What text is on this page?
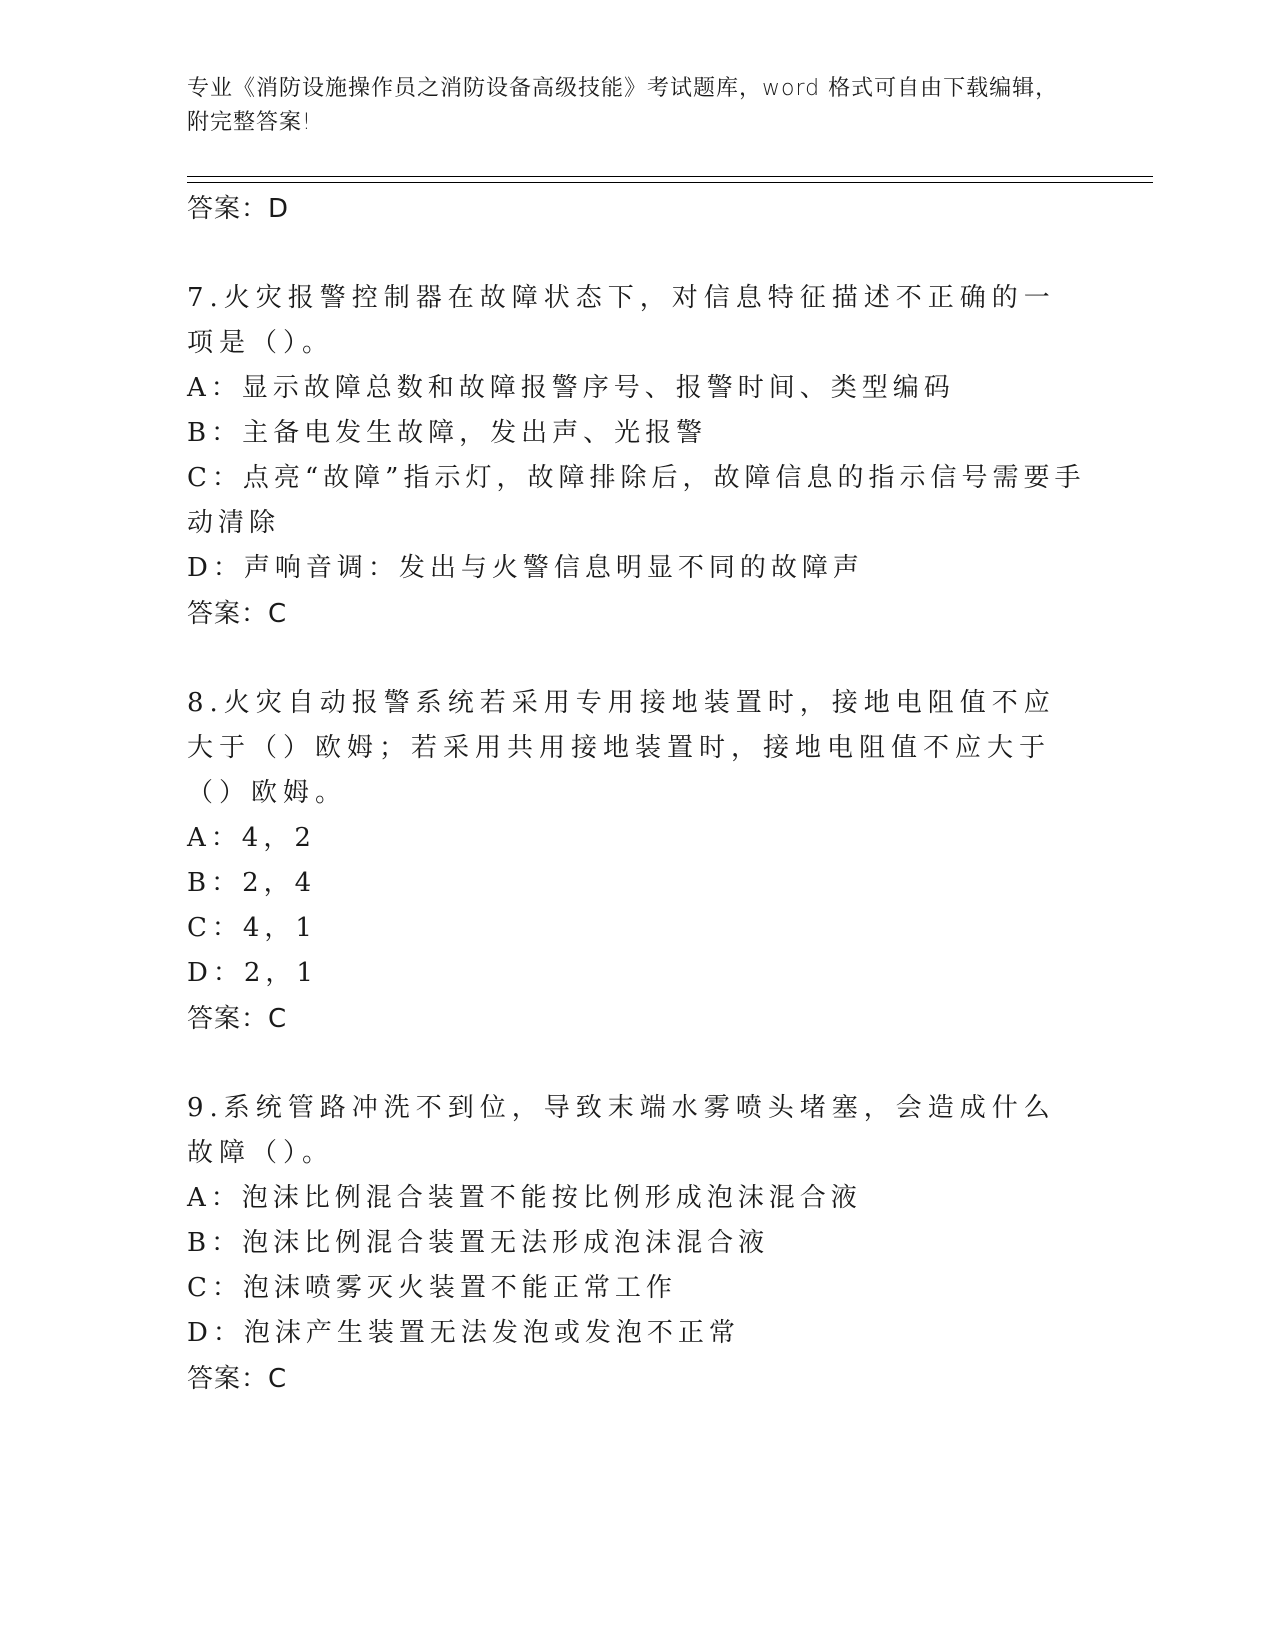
专业《消防设施操作员之消防设备高级技能》考试题库，word 格式可自由下载编辑，附完整答案!
答案：D
7.火灾报警控制器在故障状态下，对信息特征描述不正确的一项是（）。
A：显示故障总数和故障报警序号、报警时间、类型编码
B：主备电发生故障，发出声、光报警
C：点亮“故障”指示灯，故障排除后，故障信息的指示信号需要手动清除
D：声响音调：发出与火警信息明显不同的故障声
答案：C
8.火灾自动报警系统若采用专用接地装置时，接地电阻值不应大于（）欧姆；若采用共用接地装置时，接地电阻值不应大于（）欧姆。
A：4，2
B：2，4
C：4，1
D：2，1
答案：C
9.系统管路冲洗不到位，导致末端水雾喷头堵塞，会造成什么故障（）。
A：泡沫比例混合装置不能按比例形成泡沫混合液
B：泡沫比例混合装置无法形成泡沫混合液
C：泡沫喷雾灭火装置不能正常工作
D：泡沫产生装置无法发泡或发泡不正常
答案：C
